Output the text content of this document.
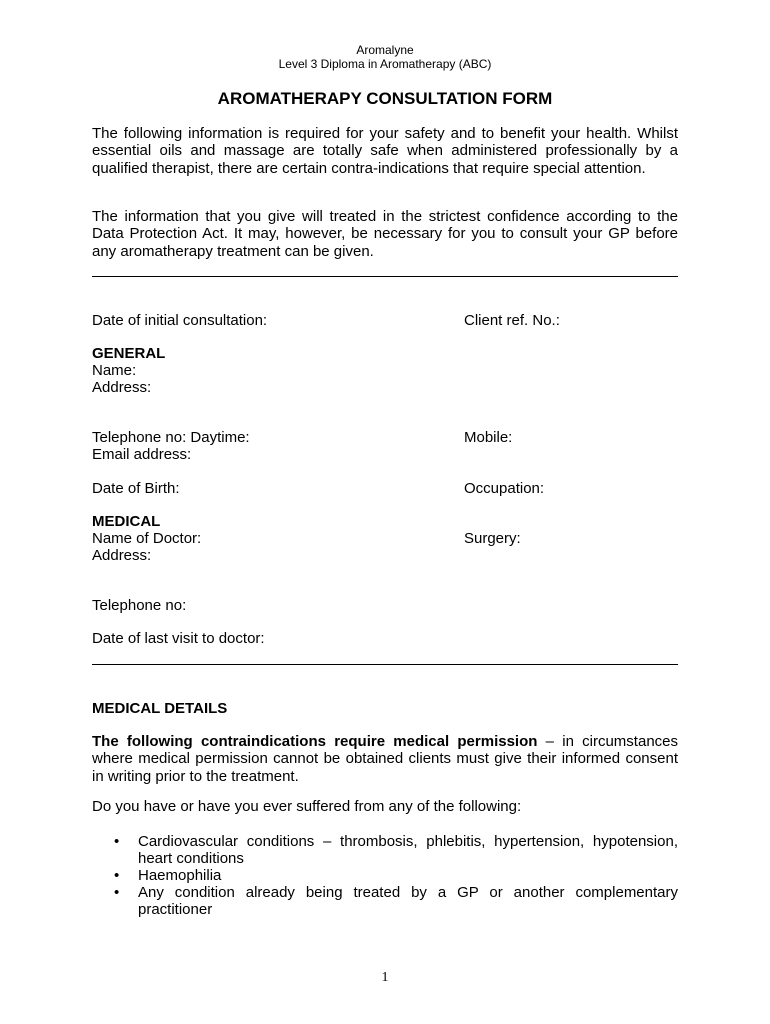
Aromalyne
Level 3 Diploma in Aromatherapy (ABC)
AROMATHERAPY CONSULTATION FORM
The following information is required for your safety and to benefit your health. Whilst essential oils and massage are totally safe when administered professionally by a qualified therapist, there are certain contra-indications that require special attention.
The information that you give will treated in the strictest confidence according to the Data Protection Act. It may, however, be necessary for you to consult your GP before any aromatherapy treatment can be given.
Date of initial consultation:	Client ref. No.:
GENERAL
Name:
Address:
Telephone no: Daytime:	Mobile:
Email address:
Date of Birth:	Occupation:
MEDICAL
Name of Doctor:	Surgery:
Address:
Telephone no:
Date of last visit to doctor:
MEDICAL DETAILS
The following contraindications require medical permission – in circumstances where medical permission cannot be obtained clients must give their informed consent in writing prior to the treatment.
Do you have or have you ever suffered from any of the following:
• Cardiovascular conditions – thrombosis, phlebitis, hypertension, hypotension, heart conditions
• Haemophilia
• Any condition already being treated by a GP or another complementary practitioner
1
